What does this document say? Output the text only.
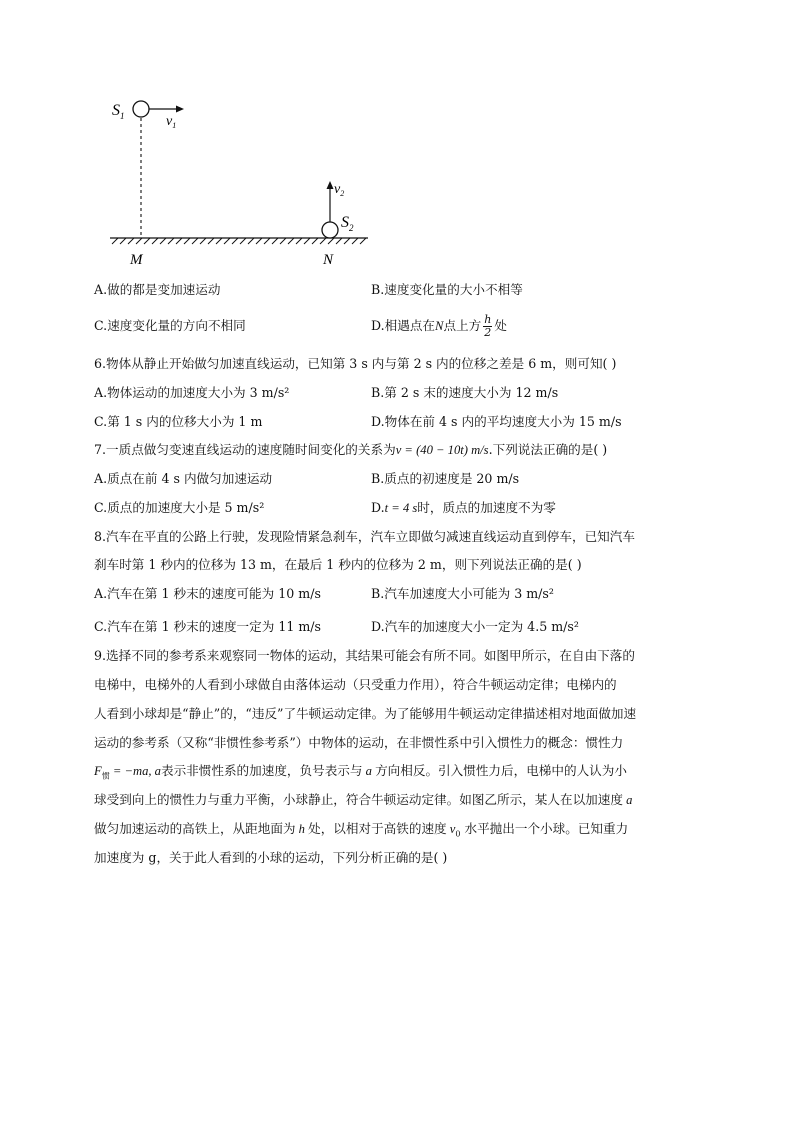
$S_1$	$v_1$
$S_2$
$v_2$
M	N
A.做的都是变加速运动	B.速度变化量的大小不相等
C.速度变化量的方向不相同	D.相遇点在N点上方 $\frac{h}{2}$ 处
6.物体从静止开始做匀加速直线运动，已知第 3 s 内与第 2 s 内的位移之差是 6 m，则可知( )
A.物体运动的加速度大小为 3 m/s²	B.第 2 s 末的速度大小为 12 m/s
C.第 1 s 内的位移大小为 1 m	D.物体在前 4 s 内的平均速度大小为 15 m/s
7.一质点做匀变速直线运动的速度随时间变化的关系为v = (40 − 10t) m/s.下列说法正确的是( )
A.质点在前 4 s 内做匀加速运动	B.质点的初速度是 20 m/s
C.质点的加速度大小是 5 m/s²	D.t = 4 s时，质点的加速度不为零
8.汽车在平直的公路上行驶，发现险情紧急刹车，汽车立即做匀减速直线运动直到停车，已知汽车
刹车时第 1 秒内的位移为 13 m，在最后 1 秒内的位移为 2 m，则下列说法正确的是( )
A.汽车在第 1 秒末的速度可能为 10 m/s	B.汽车加速度大小可能为 3 m/s²
C.汽车在第 1 秒末的速度一定为 11 m/s	D.汽车的加速度大小一定为 4.5 m/s²
9.选择不同的参考系来观察同一物体的运动，其结果可能会有所不同。如图甲所示，在自由下落的
电梯中，电梯外的人看到小球做自由落体运动（只受重力作用），符合牛顿运动定律；电梯内的
人看到小球却是“静止”的，“违反”了牛顿运动定律。为了能够用牛顿运动定律描述相对地面做加速
运动的参考系（又称“非惯性参考系”）中物体的运动，在非惯性系中引入惯性力的概念：惯性力
$F_惯 = -ma$, a表示非惯性系的加速度，负号表示与 a 方向相反。引入惯性力后，电梯中的人认为小
球受到向上的惯性力与重力平衡，小球静止，符合牛顿运动定律。如图乙所示，某人在以加速度 a
做匀加速运动的高铁上，从距地面为 h 处，以相对于高铁的速度 $v_0$ 水平抛出一个小球。已知重力
加速度为 g，关于此人看到的小球的运动，下列分析正确的是( )
